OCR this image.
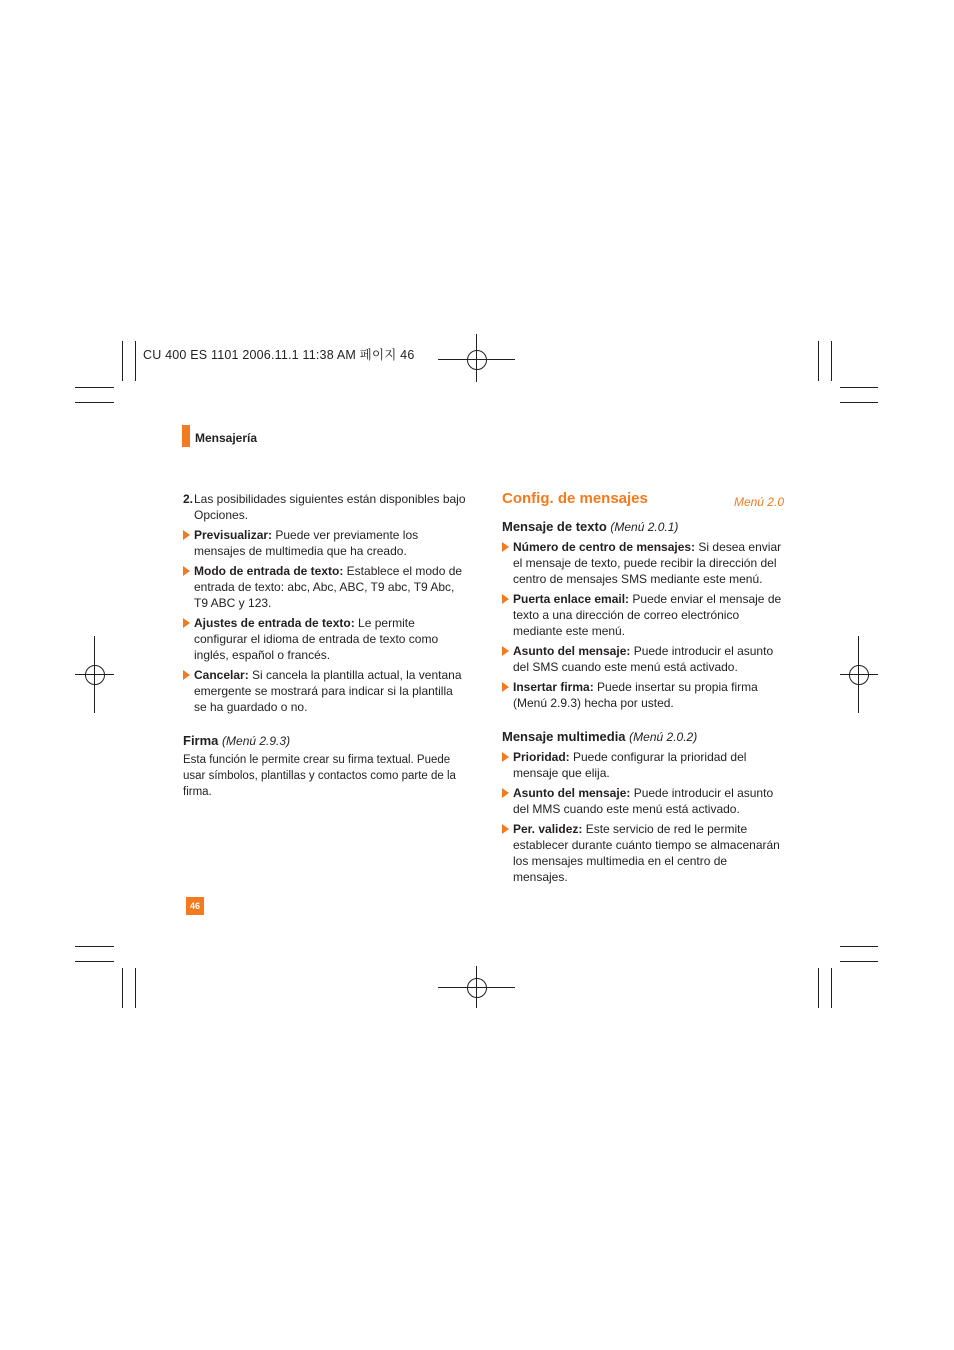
CU 400 ES 1101 2006.11.1 11:38 AM 페이지 46
Mensajería
2. Las posibilidades siguientes están disponibles bajo Opciones.
Previsualizar: Puede ver previamente los mensajes de multimedia que ha creado.
Modo de entrada de texto: Establece el modo de entrada de texto: abc, Abc, ABC, T9 abc, T9 Abc, T9 ABC y 123.
Ajustes de entrada de texto: Le permite configurar el idioma de entrada de texto como inglés, español o francés.
Cancelar: Si cancela la plantilla actual, la ventana emergente se mostrará para indicar si la plantilla se ha guardado o no.
Firma (Menú 2.9.3)

Esta función le permite crear su firma textual. Puede usar símbolos, plantillas y contactos como parte de la firma.

Config. de mensajes	Menú 2.0
Mensaje de texto (Menú 2.0.1)
Número de centro de mensajes: Si desea enviar el mensaje de texto, puede recibir la dirección del centro de mensajes SMS mediante este menú.
Puerta enlace email: Puede enviar el mensaje de texto a una dirección de correo electrónico mediante este menú.
Asunto del mensaje: Puede introducir el asunto del SMS cuando este menú está activado.
Insertar firma: Puede insertar su propia firma (Menú 2.9.3) hecha por usted.
Mensaje multimedia (Menú 2.0.2)
Prioridad: Puede configurar la prioridad del mensaje que elija.
Asunto del mensaje: Puede introducir el asunto del MMS cuando este menú está activado.
Per. validez: Este servicio de red le permite establecer durante cuánto tiempo se almacenarán los mensajes multimedia en el centro de mensajes.
46
